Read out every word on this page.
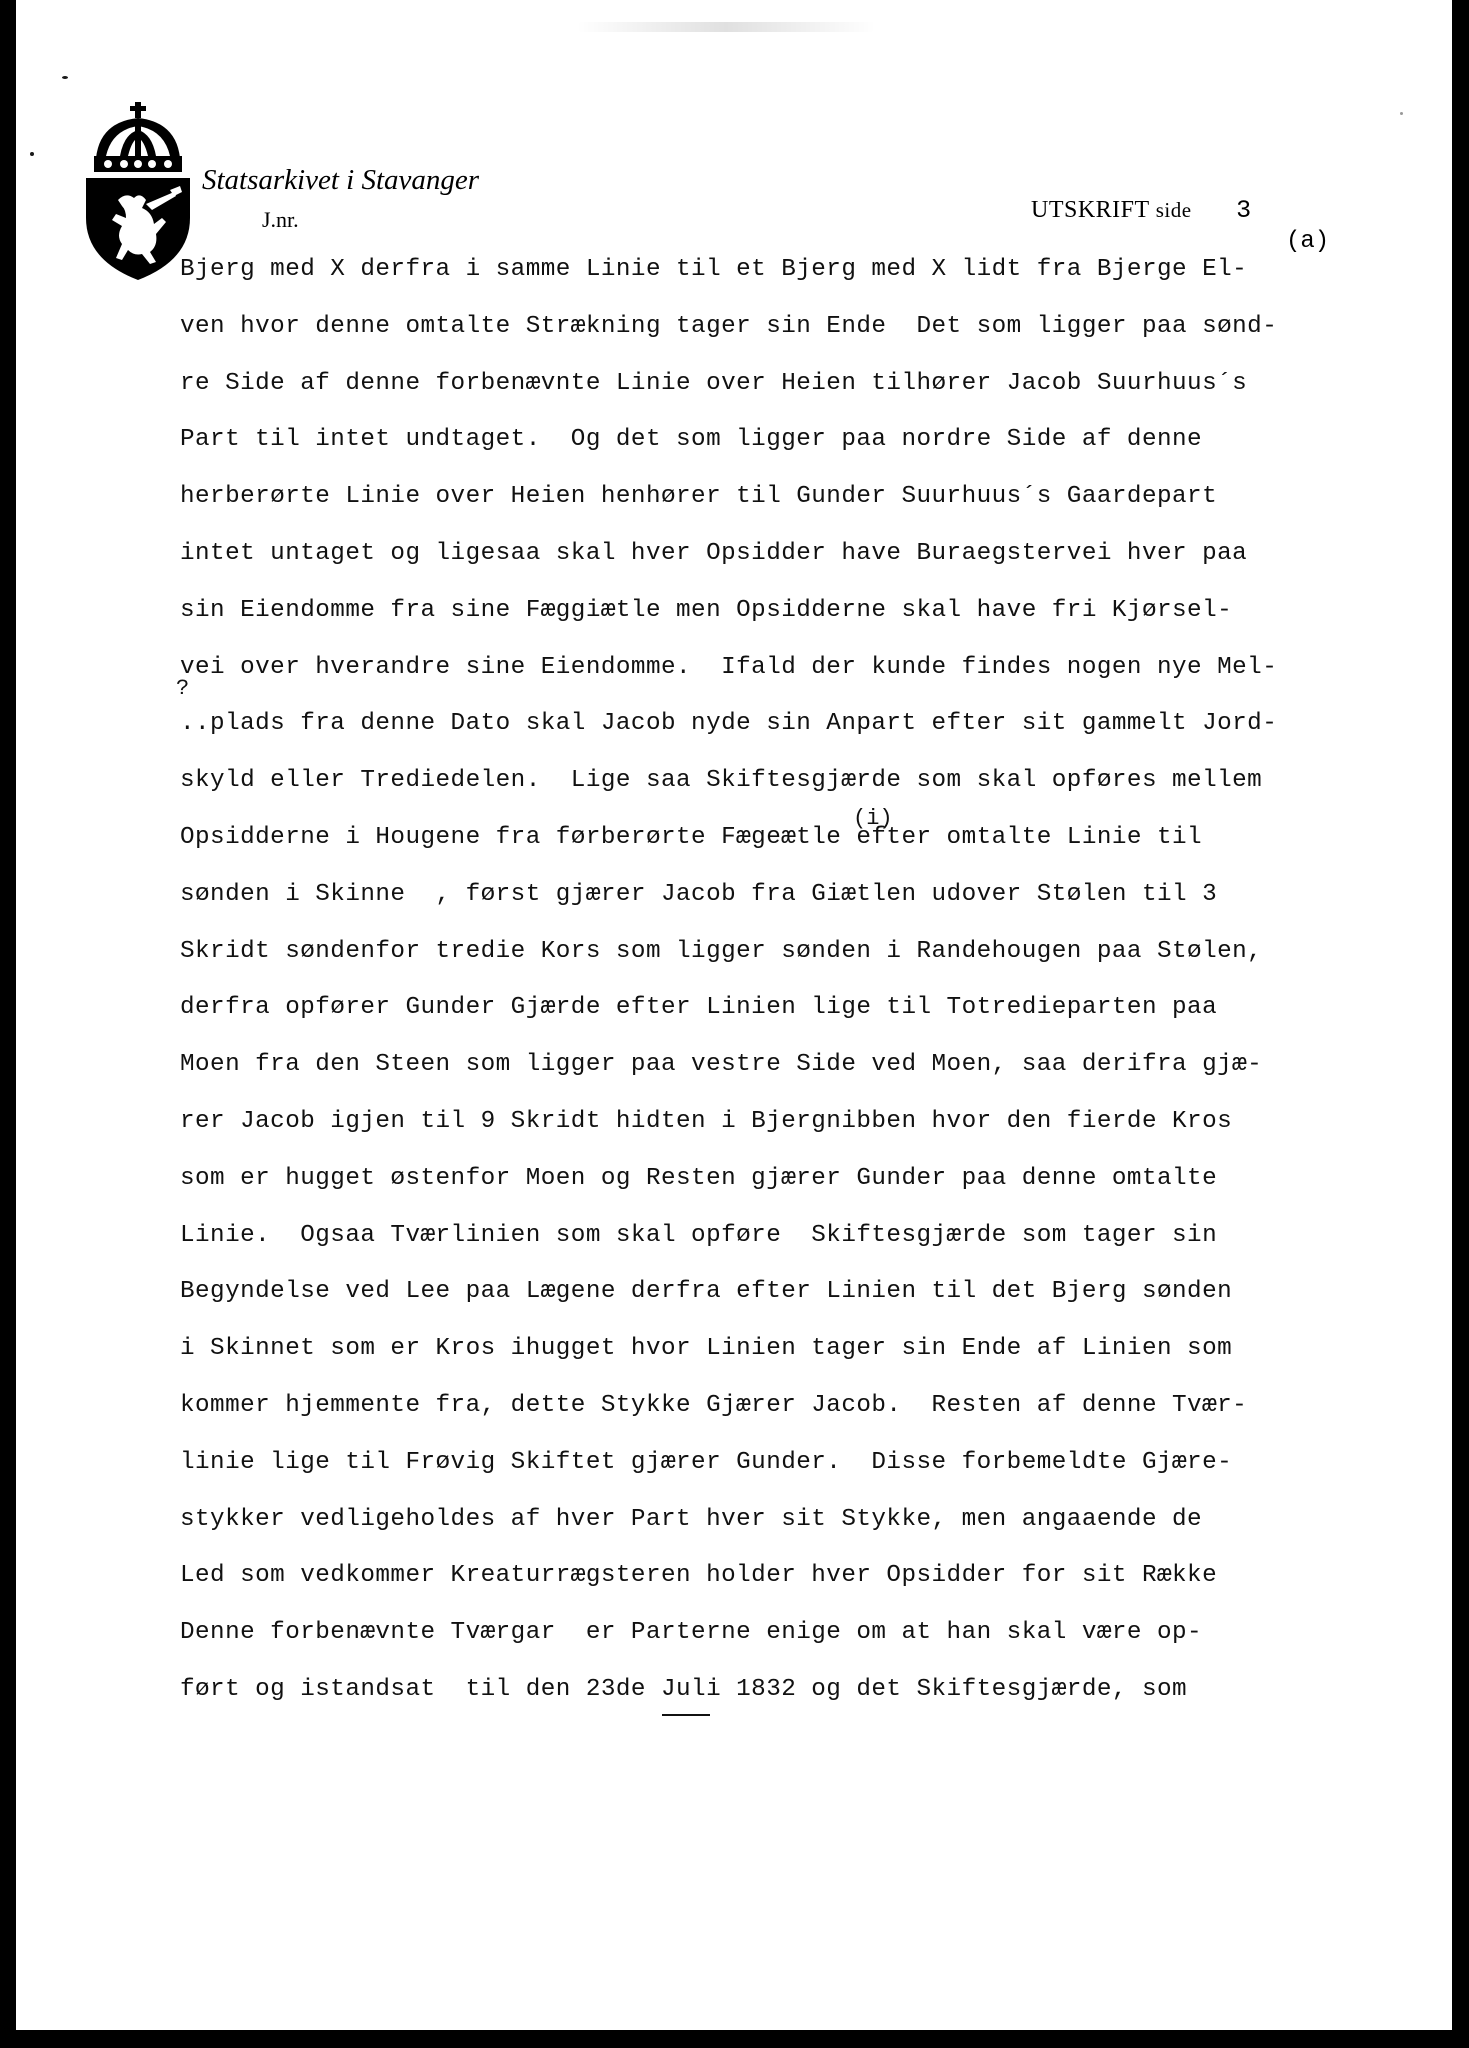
Statsarkivet i Stavanger
J.nr.	UTSKRIFT side 3
(a)
?
(i)
Bjerg med X derfra i samme Linie til et Bjerg med X lidt fra Bjerge El-
ven hvor denne omtalte Strækning tager sin Ende  Det som ligger paa sønd-
re Side af denne forbenævnte Linie over Heien tilhører Jacob Suurhuus´s
Part til intet undtaget.  Og det som ligger paa nordre Side af denne
herberørte Linie over Heien henhører til Gunder Suurhuus´s Gaardepart
intet untaget og ligesaa skal hver Opsidder have Buraegstervei hver paa
sin Eiendomme fra sine Fæggiætle men Opsidderne skal have fri Kjørsel-
vei over hverandre sine Eiendomme.  Ifald der kunde findes nogen nye Mel-
..plads fra denne Dato skal Jacob nyde sin Anpart efter sit gammelt Jord-
skyld eller Trediedelen.  Lige saa Skiftesgjærde som skal opføres mellem
Opsidderne i Hougene fra førberørte Fægeætle efter omtalte Linie til
sønden i Skinne  , først gjærer Jacob fra Giætlen udover Stølen til 3
Skridt søndenfor tredie Kors som ligger sønden i Randehougen paa Stølen,
derfra opfører Gunder Gjærde efter Linien lige til Totredieparten paa
Moen fra den Steen som ligger paa vestre Side ved Moen, saa derifra gjæ-
rer Jacob igjen til 9 Skridt hidten i Bjergnibben hvor den fierde Kros
som er hugget østenfor Moen og Resten gjærer Gunder paa denne omtalte
Linie.  Ogsaa Tværlinien som skal opføre  Skiftesgjærde som tager sin
Begyndelse ved Lee paa Lægene derfra efter Linien til det Bjerg sønden
i Skinnet som er Kros ihugget hvor Linien tager sin Ende af Linien som
kommer hjemmente fra, dette Stykke Gjærer Jacob.  Resten af denne Tvær-
linie lige til Frøvig Skiftet gjærer Gunder.  Disse forbemeldte Gjære-
stykker vedligeholdes af hver Part hver sit Stykke, men angaaende de
Led som vedkommer Kreaturrægsteren holder hver Opsidder for sit Række
Denne forbenævnte Tværgar  er Parterne enige om at han skal være op-
ført og istandsat  til den 23de Juli 1832 og det Skiftesgjærde, som
